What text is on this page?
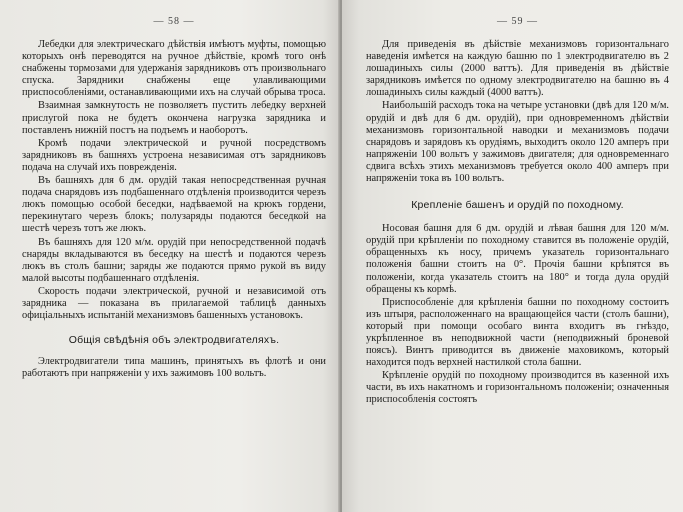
— 58 —

Лебедки для электрическаго дѣйствія имѣютъ муфты, помощью которыхъ онѣ переводятся на ручное дѣйствіе, кромѣ того онѣ снабжены тормозами для удержанія зарядниковъ отъ произвольнаго спуска. Зарядники снабжены еще улавливающими приспособленіями, останавливающими ихъ на случай обрыва троса.

Взаимная замкнутость не позволяетъ пустить лебедку верхней прислугой пока не будетъ окончена нагрузка зарядника и поставленъ нижній постъ на подъемъ и наоборотъ.

Кромѣ подачи электрической и ручной посредствомъ зарядниковъ въ башняхъ устроена независимая отъ зарядниковъ подача на случай ихъ поврежденія.

Въ башняхъ для 6 дм. орудій такая непосредственная ручная подача снарядовъ изъ подбашеннаго отдѣленія производится черезъ люкъ помощью особой беседки, надѣваемой на крюкъ гордени, перекинутаго черезъ блокъ; полузаряды подаются беседкой на шестѣ черезъ тотъ же люкъ.

Въ башняхъ для 120 м/м. орудій при непосредственной подачѣ снаряды вкладываются въ беседку на шестѣ и подаются черезъ люкъ въ столъ башни; заряды же подаются прямо рукой въ виду малой высоты подбашеннаго отдѣленія.

Скорость подачи электрической, ручной и независимой отъ зарядника — показана въ прилагаемой таблицѣ данныхъ офиціальныхъ испытаній механизмовъ башенныхъ установокъ.

Общія свѣдѣнія объ электродвигателяхъ.

Электродвигатели типа машинъ, принятыхъ въ флотѣ и они работаютъ при напряженіи у ихъ зажимовъ 100 вольтъ.

— 59 —

Для приведенія въ дѣйствіе механизмовъ горизонтальнаго наведенія имѣется на каждую башню по 1 электродвигателю въ 2 лошадиныхъ силы (2000 ваттъ). Для приведенія въ дѣйствіе зарядниковъ имѣется по одному электродвигателю на башню въ 4 лошадиныхъ силы каждый (4000 ваттъ).

Наибольшій расходъ тока на четыре установки (двѣ для 120 м/м. орудій и двѣ для 6 дм. орудій), при одновременномъ дѣйствіи механизмовъ горизонтальной наводки и механизмовъ подачи снарядовъ и зарядовъ къ орудіямъ, выходитъ около 120 амперъ при напряженіи 100 вольтъ у зажимовъ двигателя; для одновременнаго сдвига всѣхъ этихъ механизмовъ требуется около 400 амперъ при напряженіи тока въ 100 вольтъ.

Крепленіе башенъ и орудій по походному.

Носовая башня для 6 дм. орудій и лѣвая башня для 120 м/м. орудій при крѣпленіи по походному ставится въ положеніе орудій, обращенныхъ къ носу, причемъ указатель горизонтальнаго положенія башни стоитъ на 0°. Прочія башни крѣпятся въ положеніи, когда указатель стоитъ на 180° и тогда дула орудій обращены къ кормѣ.

Приспособленіе для крѣпленія башни по походному состоитъ изъ штыря, расположеннаго на вращающейся части (столъ башни), который при помощи особаго винта входитъ въ гнѣздо, укрѣпленное въ неподвижной части (неподвижный броневой поясъ). Винтъ приводится въ движеніе маховикомъ, который находится подъ верхней настилкой стола башни.

Крѣпленіе орудій по походному производится въ казенной ихъ части, въ ихъ накатномъ и горизонтальномъ положеніи; означенныя приспособленія состоятъ
